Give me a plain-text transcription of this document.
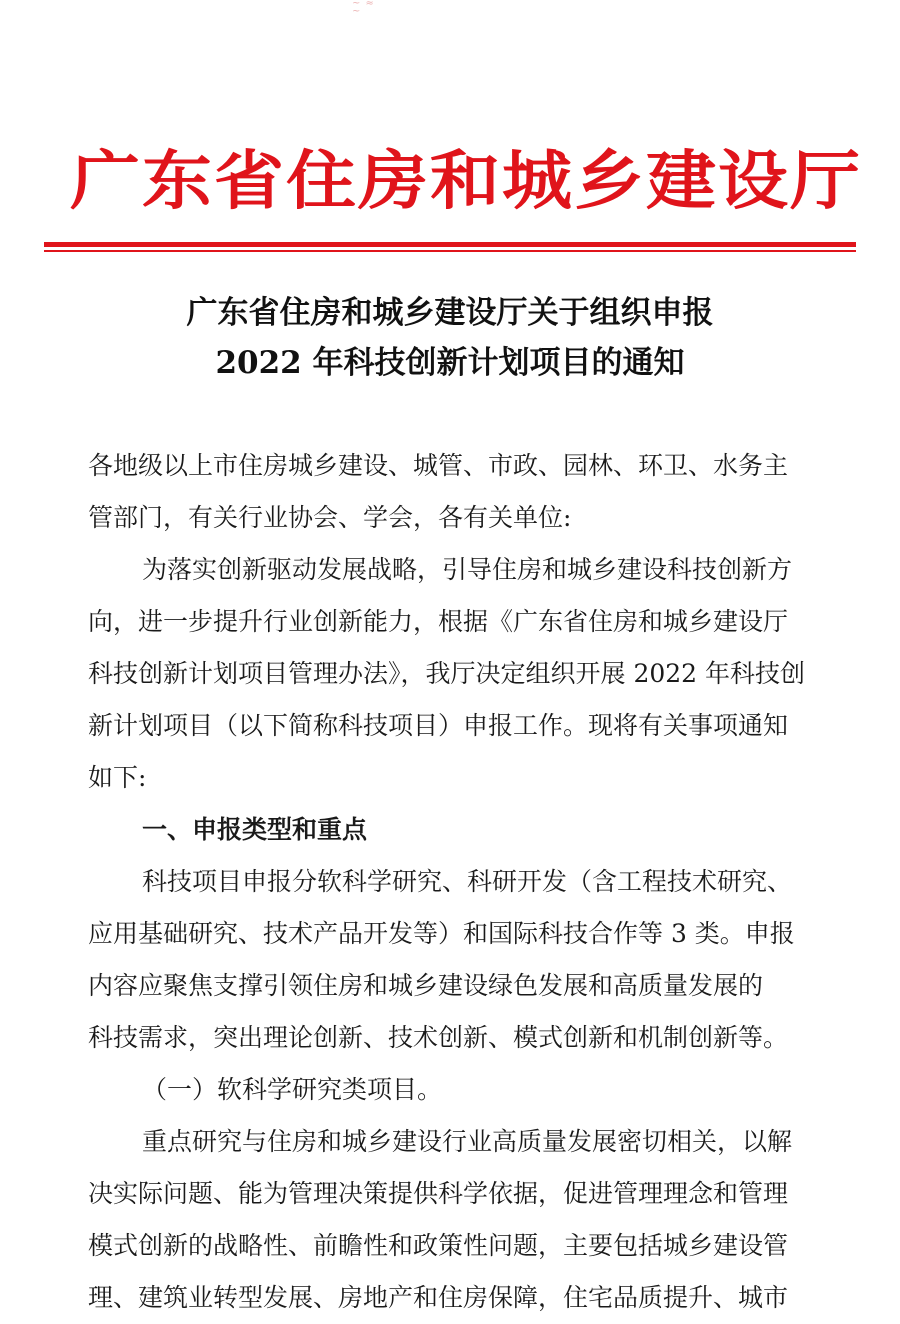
~ ≈ ~
广东省住房和城乡建设厅
广东省住房和城乡建设厅关于组织申报
2022 年科技创新计划项目的通知
各地级以上市住房城乡建设、城管、市政、园林、环卫、水务主
管部门，有关行业协会、学会，各有关单位:
为落实创新驱动发展战略，引导住房和城乡建设科技创新方
向，进一步提升行业创新能力，根据《广东省住房和城乡建设厅
科技创新计划项目管理办法》，我厅决定组织开展 2022 年科技创
新计划项目（以下简称科技项目）申报工作。现将有关事项通知
如下:
一、申报类型和重点
科技项目申报分软科学研究、科研开发（含工程技术研究、
应用基础研究、技术产品开发等）和国际科技合作等 3 类。申报
内容应聚焦支撑引领住房和城乡建设绿色发展和高质量发展的
科技需求，突出理论创新、技术创新、模式创新和机制创新等。
（一）软科学研究类项目。
重点研究与住房和城乡建设行业高质量发展密切相关，以解
决实际问题、能为管理决策提供科学依据，促进管理理念和管理
模式创新的战略性、前瞻性和政策性问题，主要包括城乡建设管
理、建筑业转型发展、房地产和住房保障，住宅品质提升、城市
